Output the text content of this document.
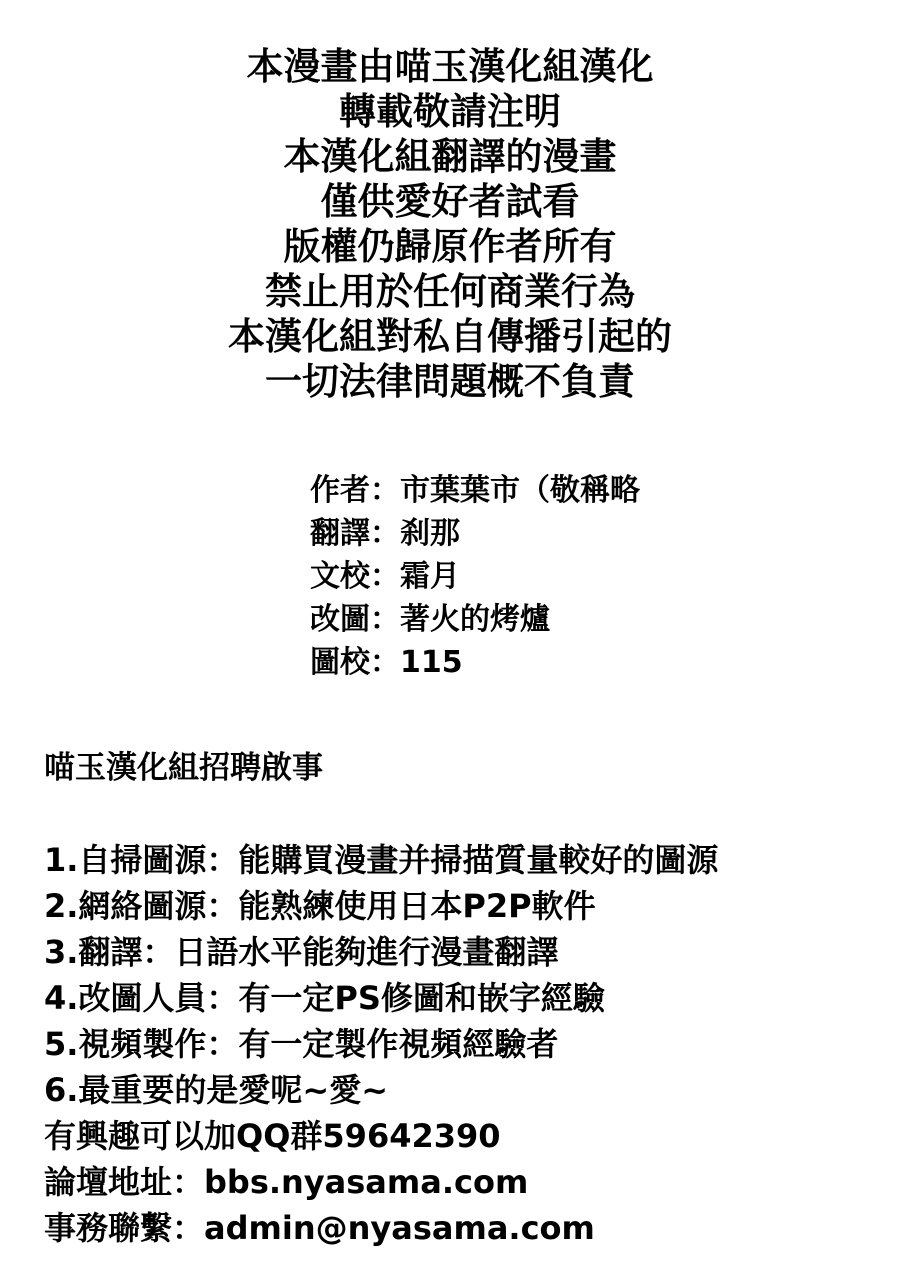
本漫畫由喵玉漢化組漢化
轉載敬請注明
本漢化組翻譯的漫畫
僅供愛好者試看
版權仍歸原作者所有
禁止用於任何商業行為
本漢化組對私自傳播引起的
一切法律問題概不負責
作者：市葉葉市（敬稱略
翻譯：刹那
文校：霜月
改圖：著火的烤爐
圖校：115
喵玉漢化組招聘啟事
1.自掃圖源：能購買漫畫并掃描質量較好的圖源
2.網絡圖源：能熟練使用日本P2P軟件
3.翻譯：日語水平能夠進行漫畫翻譯
4.改圖人員：有一定PS修圖和嵌字經驗
5.視頻製作：有一定製作視頻經驗者
6.最重要的是愛呢~愛~
有興趣可以加QQ群59642390
論壇地址：bbs.nyasama.com
事務聯繫：admin@nyasama.com
